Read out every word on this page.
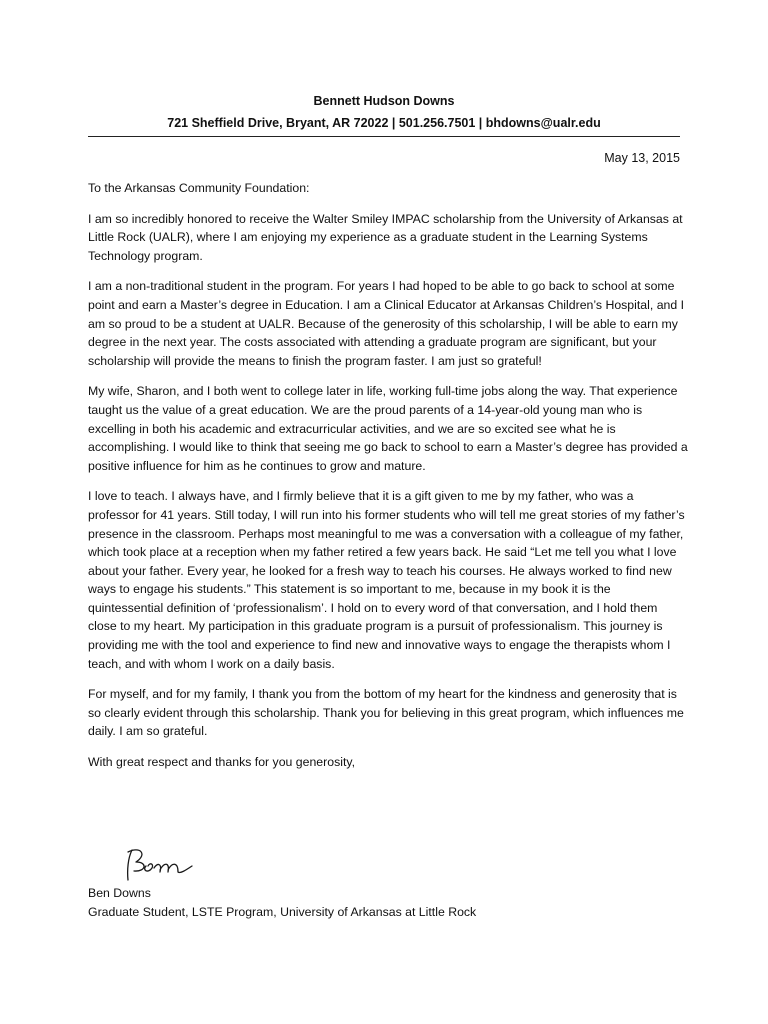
Bennett Hudson Downs

721 Sheffield Drive, Bryant, AR 72022 | 501.256.7501 | bhdowns@ualr.edu

May 13, 2015

To the Arkansas Community Foundation:

I am so incredibly honored to receive the Walter Smiley IMPAC scholarship from the University of Arkansas at Little Rock (UALR), where I am enjoying my experience as a graduate student in the Learning Systems Technology program.

I am a non-traditional student in the program. For years I had hoped to be able to go back to school at some point and earn a Master’s degree in Education. I am a Clinical Educator at Arkansas Children’s Hospital, and I am so proud to be a student at UALR. Because of the generosity of this scholarship, I will be able to earn my degree in the next year. The costs associated with attending a graduate program are significant, but your scholarship will provide the means to finish the program faster. I am just so grateful!

My wife, Sharon, and I both went to college later in life, working full-time jobs along the way. That experience taught us the value of a great education. We are the proud parents of a 14-year-old young man who is excelling in both his academic and extracurricular activities, and we are so excited see what he is accomplishing. I would like to think that seeing me go back to school to earn a Master’s degree has provided a positive influence for him as he continues to grow and mature.

I love to teach. I always have, and I firmly believe that it is a gift given to me by my father, who was a professor for 41 years. Still today, I will run into his former students who will tell me great stories of my father’s presence in the classroom. Perhaps most meaningful to me was a conversation with a colleague of my father, which took place at a reception when my father retired a few years back. He said “Let me tell you what I love about your father. Every year, he looked for a fresh way to teach his courses. He always worked to find new ways to engage his students.” This statement is so important to me, because in my book it is the quintessential definition of ‘professionalism’. I hold on to every word of that conversation, and I hold them close to my heart. My participation in this graduate program is a pursuit of professionalism. This journey is providing me with the tool and experience to find new and innovative ways to engage the therapists whom I teach, and with whom I work on a daily basis.

For myself, and for my family, I thank you from the bottom of my heart for the kindness and generosity that is so clearly evident through this scholarship. Thank you for believing in this great program, which influences me daily. I am so grateful.

With great respect and thanks for you generosity,

Ben Downs
Graduate Student, LSTE Program, University of Arkansas at Little Rock
